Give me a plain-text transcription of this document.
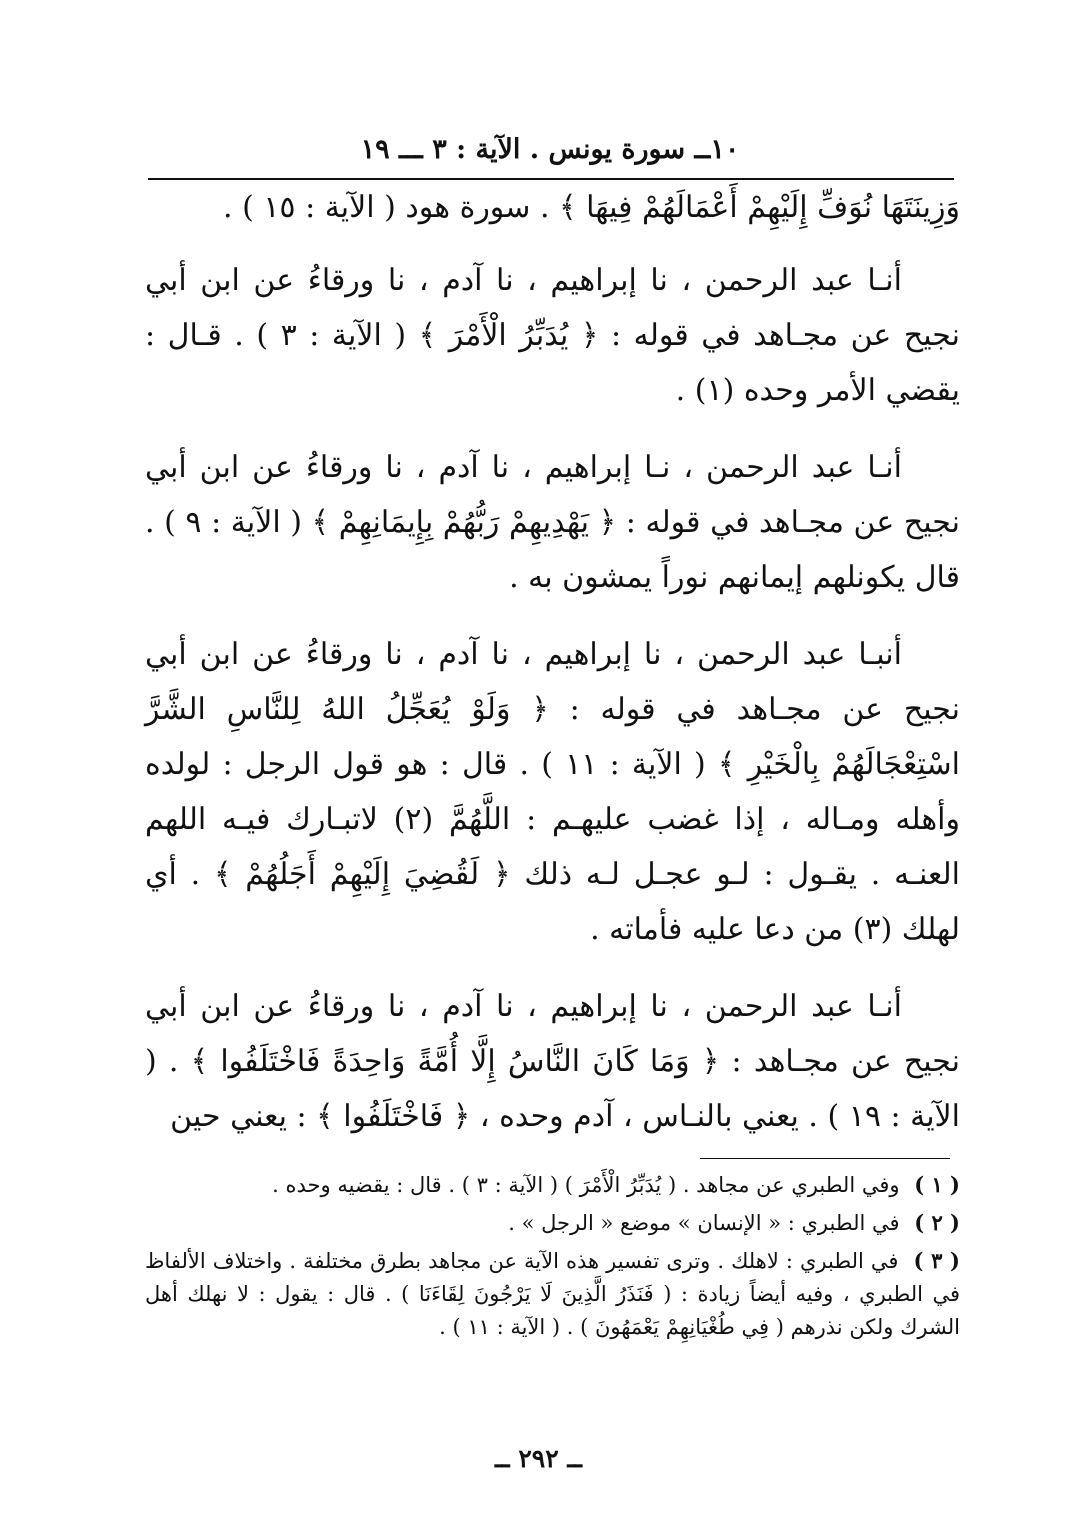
١٠ــ سورة يونس . الآية : ٣ ـــ ١٩

وَزِينَتَهَا نُوَفِّ إِلَيْهِمْ أَعْمَالَهُمْ فِيهَا ﴾ . سورة هود ( الآية : ١٥ ) .

أنـا عبد الرحمن ، نا إبراهيم ، نا آدم ، نا ورقاءُ عن ابن أبي نجيح عن مجـاهد في قوله : ﴿ يُدَبِّرُ الْأَمْرَ ﴾ ( الآية : ٣ ) . قـال : يقضي الأمر وحده (١) .

أنـا عبد الرحمن ، نـا إبراهيم ، نا آدم ، نا ورقاءُ عن ابن أبي نجيح عن مجـاهد في قوله : ﴿ يَهْدِيهِمْ رَبُّهُمْ بِإِيمَانِهِمْ ﴾ ( الآية : ٩ ) . قال يكونلهم إيمانهم نوراً يمشون به .

أنبـا عبد الرحمن ، نا إبراهيم ، نا آدم ، نا ورقاءُ عن ابن أبي نجيح عن مجـاهد في قوله : ﴿ وَلَوْ يُعَجِّلُ اللهُ لِلنَّاسِ الشَّرَّ اسْتِعْجَالَهُمْ بِالْخَيْرِ ﴾ ( الآية : ١١ ) . قال : هو قول الرجل : لولده وأهله ومـاله ، إذا غضب عليهـم : اللَّهُمَّ (٢) لاتبـارك فيـه اللهم العنـه . يقـول : لـو عجـل لـه ذلك ﴿ لَقُضِيَ إِلَيْهِمْ أَجَلُهُمْ ﴾ . أي لهلك (٣) من دعا عليه فأماته .

أنـا عبد الرحمن ، نا إبراهيم ، نا آدم ، نا ورقاءُ عن ابن أبي نجيح عن مجـاهد : ﴿ وَمَا كَانَ النَّاسُ إِلَّا أُمَّةً وَاحِدَةً فَاخْتَلَفُوا ﴾ . ( الآية : ١٩ ) . يعني بالنـاس ، آدم وحده ، ﴿ فَاخْتَلَفُوا ﴾ : يعني حين

( ١ ) وفي الطبري عن مجاهد . ( يُدَبِّرُ الْأَمْرَ ) ( الآية : ٣ ) . قال : يقضيه وحده .

( ٢ ) في الطبري : « الإنسان » موضع « الرجل » .

( ٣ ) في الطبري : لاهلك . وترى تفسير هذه الآية عن مجاهد بطرق مختلفة . واختلاف الألفاظ في الطبري ، وفيه أيضاً زيادة : ( فَنَذَرُ الَّذِينَ لَا يَرْجُونَ لِقَاءَنَا ) . قال : يقول : لا نهلك أهل الشرك ولكن نذرهم ( فِي طُغْيَانِهِمْ يَعْمَهُونَ ) . ( الآية : ١١ ) .

ــ ٢٩٢ ــ
